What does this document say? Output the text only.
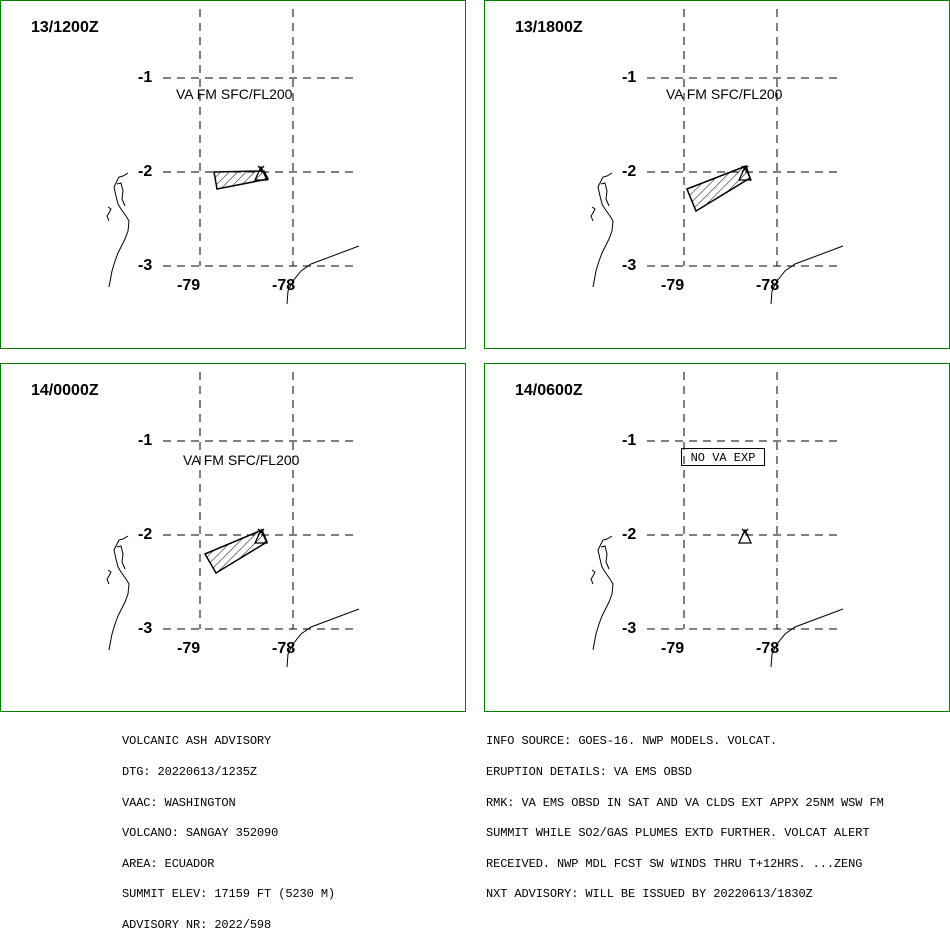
13/1200Z
-1
-2
-3
-79	-78
VA FM SFC/FL200
13/1800Z
-1
-2
-3
-79	-78
VA FM SFC/FL200
14/0000Z
-1
-2
-3
-79	-78
VA FM SFC/FL200
14/0600Z
-1
-2
-3
-79	-78
NO VA EXP

VOLCANIC ASH ADVISORY

DTG: 20220613/1235Z

VAAC: WASHINGTON

VOLCANO: SANGAY 352090

AREA: ECUADOR

SUMMIT ELEV: 17159 FT (5230 M)

ADVISORY NR: 2022/598

INFO SOURCE: GOES-16. NWP MODELS. VOLCAT.

ERUPTION DETAILS: VA EMS OBSD

RMK: VA EMS OBSD IN SAT AND VA CLDS EXT APPX 25NM WSW FM

SUMMIT WHILE SO2/GAS PLUMES EXTD FURTHER. VOLCAT ALERT

RECEIVED. NWP MDL FCST SW WINDS THRU T+12HRS. ...ZENG

NXT ADVISORY: WILL BE ISSUED BY 20220613/1830Z
